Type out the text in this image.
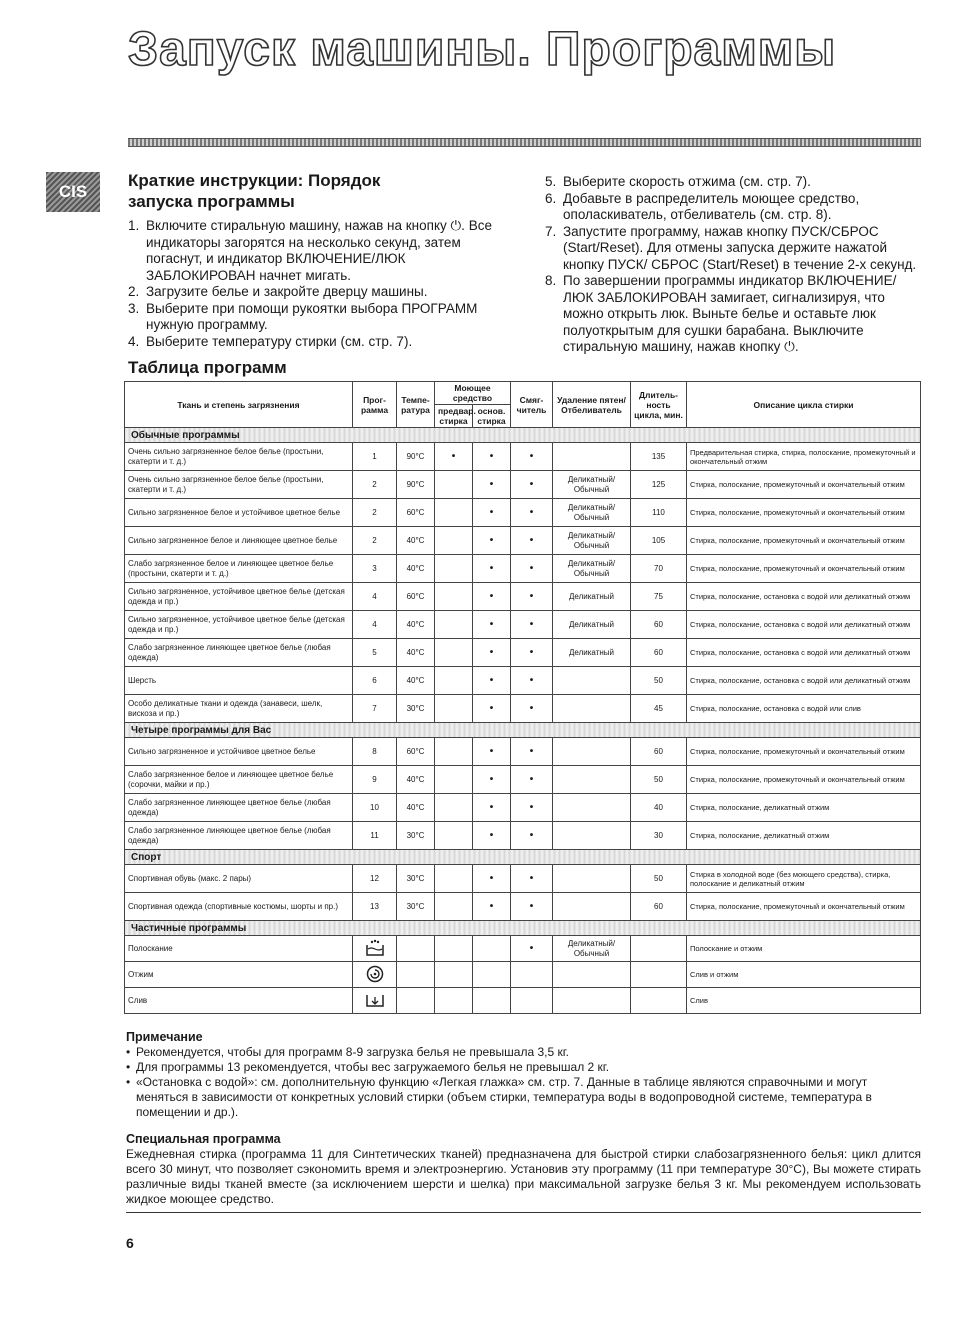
Запуск машины. Программы
CIS
Краткие инструкции: Порядок
запуска программы
1. Включите стиральную машину, нажав на кнопку ⏻. Все индикаторы загорятся на несколько секунд, затем погаснут, и индикатор ВКЛЮЧЕНИЕ/ЛЮК ЗАБЛОКИРОВАН начнет мигать.
2. Загрузите белье и закройте дверцу машины.
3. Выберите при помощи рукоятки выбора ПРОГРАММ нужную программу.
4. Выберите температуру стирки (см. стр. 7).
5. Выберите скорость отжима (см. стр. 7).
6. Добавьте в распределитель моющее средство, ополаскиватель, отбеливатель (см. стр. 8).
7. Запустите программу, нажав кнопку ПУСК/СБРОС (Start/Reset). Для отмены запуска держите нажатой кнопку ПУСК/ СБРОС (Start/Reset) в течение 2-х секунд.
8. По завершении программы индикатор ВКЛЮЧЕНИЕ/ЛЮК ЗАБЛОКИРОВАН замигает, сигнализируя, что можно открыть люк. Выньте белье и оставьте люк полуоткрытым для сушки барабана. Выключите стиральную машину, нажав кнопку ⏻.
Таблица программ
Ткань и степень загрязнения	Прог-рамма	Темпе-ратура	Моющее средство		Смяг-читель	Удаление пятен/ Отбеливатель	Длитель-ность цикла, мин.	Описание цикла стирки
			предвар. стирка	основ. стирка				
Обычные программы								
Очень сильно загрязненное белое белье (простыни, скатерти и т. д.)	1	90°C	•	•	•		135	Предварительная стирка, стирка, полоскание, промежуточный и окончательный отжим
Очень сильно загрязненное белое белье (простыни, скатерти и т. д.)	2	90°C		•	•	Деликатный/ Обычный	125	Стирка, полоскание, промежуточный и окончательный отжим
Сильно загрязненное белое и устойчивое цветное белье	2	60°C		•	•	Деликатный/ Обычный	110	Стирка, полоскание, промежуточный и окончательный отжим
Сильно загрязненное белое и линяющее цветное белье	2	40°C		•	•	Деликатный/ Обычный	105	Стирка, полоскание, промежуточный и окончательный отжим
Слабо загрязненное белое и линяющее цветное белье (простыни, скатерти и т. д.)	3	40°C		•	•	Деликатный/ Обычный	70	Стирка, полоскание, промежуточный и окончательный отжим
Сильно загрязненное, устойчивое цветное белье (детская одежда и пр.)	4	60°C		•	•	Деликатный	75	Стирка, полоскание, остановка с водой или деликатный отжим
Сильно загрязненное, устойчивое цветное белье (детская одежда и пр.)	4	40°C		•	•	Деликатный	60	Стирка, полоскание, остановка с водой или деликатный отжим
Слабо загрязненное линяющее цветное белье (любая одежда)	5	40°C		•	•	Деликатный	60	Стирка, полоскание, остановка с водой или деликатный отжим
Шерсть	6	40°C		•	•		50	Стирка, полоскание, остановка с водой или деликатный отжим
Особо деликатные ткани и одежда (занавеси, шелк, вискоза и пр.)	7	30°C		•	•		45	Стирка, полоскание, остановка с водой или слив
Четыре программы для Вас								
Сильно загрязненное и устойчивое цветное белье	8	60°C		•	•		60	Стирка, полоскание, промежуточный и окончательный отжим
Слабо загрязненное белое и линяющее цветное белье (сорочки, майки и пр.)	9	40°C		•	•		50	Стирка, полоскание, промежуточный и окончательный отжим
Слабо загрязненное линяющее цветное белье (любая одежда)	10	40°C		•	•		40	Стирка, полоскание, деликатный отжим
Слабо загрязненное линяющее цветное белье (любая одежда)	11	30°C		•	•		30	Стирка, полоскание, деликатный отжим
Спорт								
Спортивная обувь (макс. 2 пары)	12	30°C		•	•		50	Стирка в холодной воде (без моющего средства), стирка, полоскание и деликатный отжим
Спортивная одежда (спортивные костюмы, шорты и пр.)	13	30°C		•	•		60	Стирка, полоскание, промежуточный и окончательный отжим
Частичные программы								
Полоскание					•	Деликатный/ Обычный		Полоскание и отжим
Отжим								Слив и отжим
Слив								Слив
Примечание
• Рекомендуется, чтобы для программ 8-9 загрузка белья не превышала 3,5 кг.
• Для программы 13 рекомендуется, чтобы вес загружаемого белья не превышал 2 кг.
• «Остановка с водой»: см. дополнительную функцию «Легкая глажка» см. стр. 7. Данные в таблице являются справочными и могут меняться в зависимости от конкретных условий стирки (объем стирки, температура воды в водопроводной системе, температура в помещении и др.).
Специальная программа

Ежедневная стирка (программа 11 для Синтетических тканей) предназначена для быстрой стирки слабозагрязненного белья: цикл длится всего 30 минут, что позволяет сэкономить время и электроэнергию. Установив эту программу (11 при температуре 30°C), Вы можете стирать различные виды тканей вместе (за исключением шерсти и шелка) при максимальной загрузке белья 3 кг. Мы рекомендуем использовать жидкое моющее средство.

6
